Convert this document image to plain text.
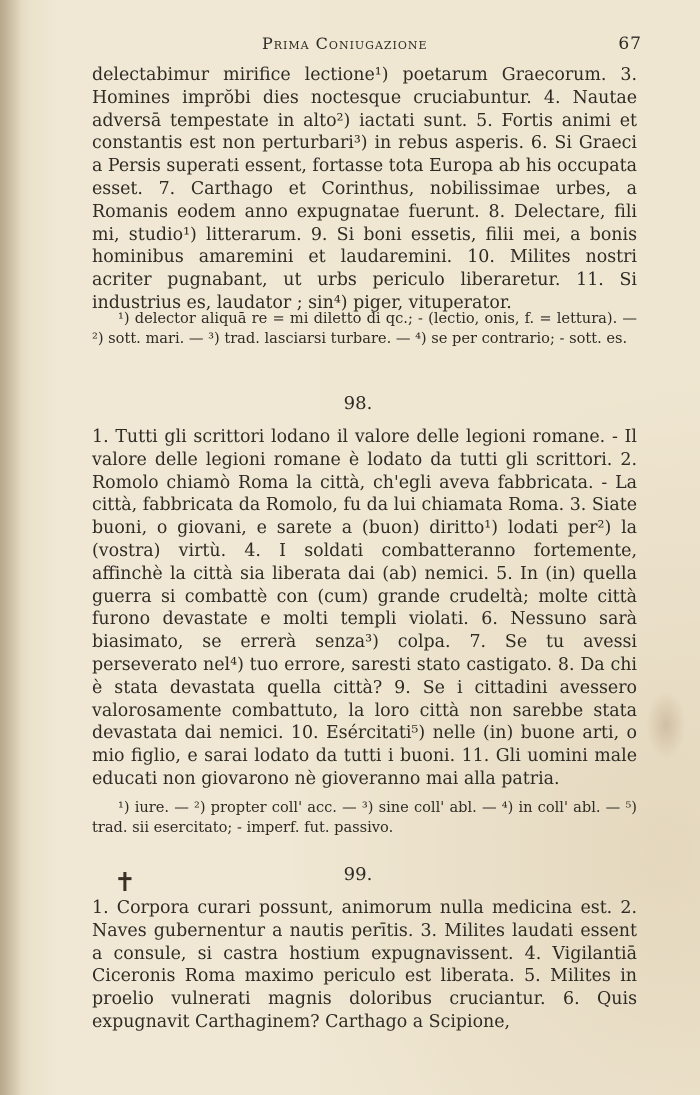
Prima Coniugazione	67

delectabimur mirifice lectione¹) poetarum Graecorum. 3. Homines imprŏbi dies noctesque cruciabuntur. 4. Nautae adversā tempestate in alto²) iactati sunt. 5. Fortis animi et constantis est non perturbari³) in rebus asperis. 6. Si Graeci a Persis superati essent, fortasse tota Europa ab his occupata esset. 7. Carthago et Corinthus, nobilissimae urbes, a Romanis eodem anno expugnatae fuerunt. 8. Delectare, fili mi, studio¹) litterarum. 9. Si boni essetis, filii mei, a bonis hominibus amaremini et laudaremini. 10. Milites nostri acriter pugnabant, ut urbs periculo liberaretur. 11. Si industrius es, laudator ; sin⁴) piger, vituperator.

¹) delector aliquā re = mi diletto di qc.; - (lectio, onis, f. = lettura). — ²) sott. mari. — ³) trad. lasciarsi turbare. — ⁴) se per contrario; - sott. es.

98.

1. Tutti gli scrittori lodano il valore delle legioni romane. - Il valore delle legioni romane è lodato da tutti gli scrittori. 2. Romolo chiamò Roma la città, ch'egli aveva fabbricata. - La città, fabbricata da Romolo, fu da lui chiamata Roma. 3. Siate buoni, o giovani, e sarete a (buon) diritto¹) lodati per²) la (vostra) virtù. 4. I soldati combatteranno fortemente, affinchè la città sia liberata dai (ab) nemici. 5. In (in) quella guerra si combattè con (cum) grande crudeltà; molte città furono devastate e molti templi violati. 6. Nessuno sarà biasimato, se errerà senza³) colpa. 7. Se tu avessi perseverato nel⁴) tuo errore, saresti stato castigato. 8. Da chi è stata devastata quella città? 9. Se i cittadini avessero valorosamente combattuto, la loro città non sarebbe stata devastata dai nemici. 10. Esércitati⁵) nelle (in) buone arti, o mio figlio, e sarai lodato da tutti i buoni. 11. Gli uomini male educati non giovarono nè gioveranno mai alla patria.

¹) iure. — ²) propter coll' acc. — ³) sine coll' abl. — ⁴) in coll' abl. — ⁵) trad. sii esercitato; - imperf. fut. passivo.

✝	99.

1. Corpora curari possunt, animorum nulla medicina est. 2. Naves gubernentur a nautis perītis. 3. Milites laudati essent a consule, si castra hostium expugnavissent. 4. Vigilantiā Ciceronis Roma maximo periculo est liberata. 5. Milites in proelio vulnerati magnis doloribus cruciantur. 6. Quis expugnavit Carthaginem? Carthago a Scipione,
